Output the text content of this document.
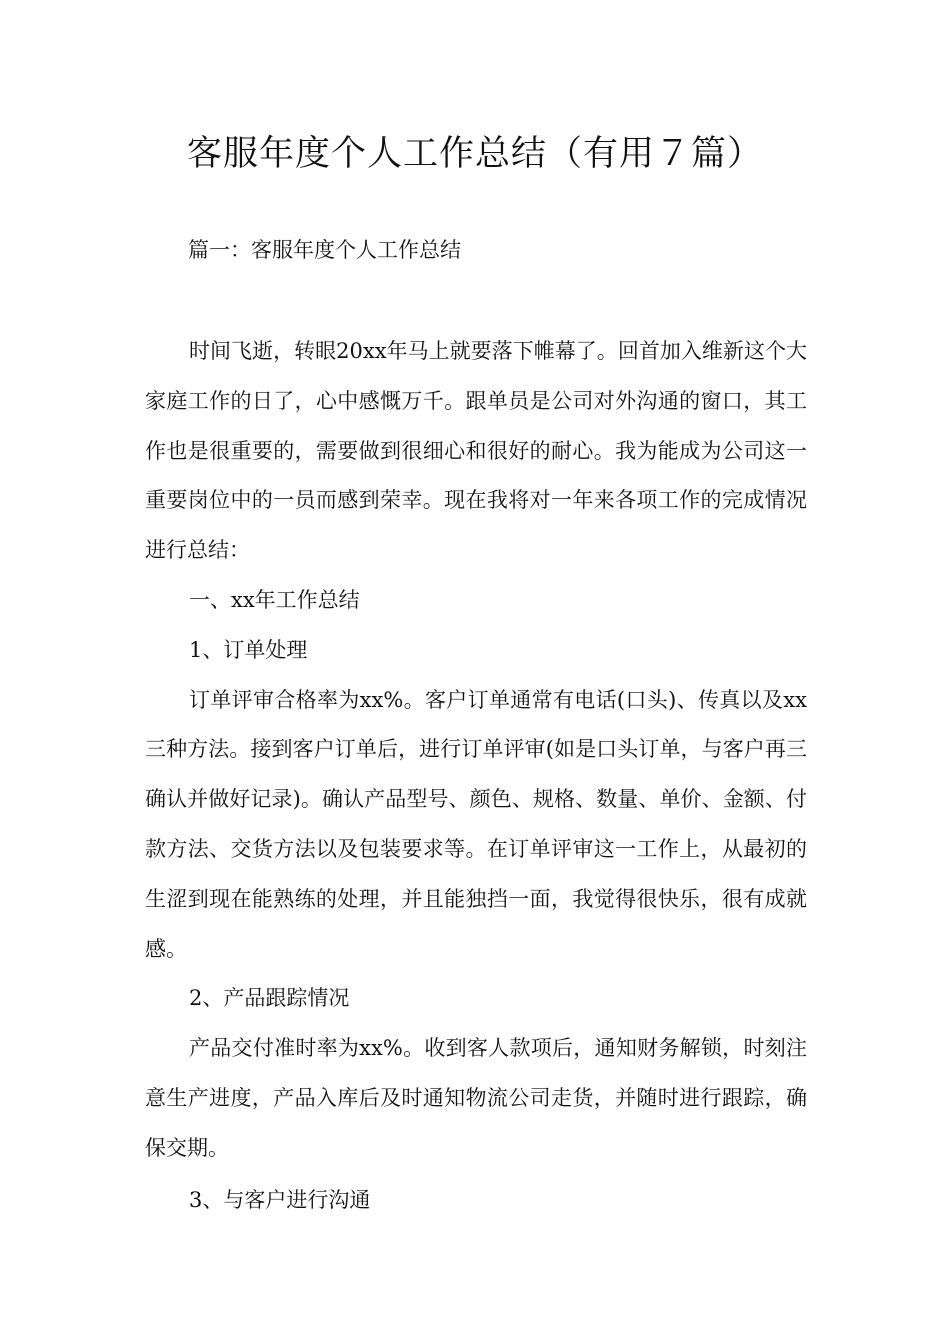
客服年度个人工作总结（有用７篇）
篇一：客服年度个人工作总结

时间飞逝，转眼20xx年马上就要落下帷幕了。回首加入维新这个大家庭工作的日了，心中感慨万千。跟单员是公司对外沟通的窗口，其工作也是很重要的，需要做到很细心和很好的耐心。我为能成为公司这一重要岗位中的一员而感到荣幸。现在我将对一年来各项工作的完成情况进行总结：

一、xx年工作总结

1、订单处理

订单评审合格率为xx%。客户订单通常有电话(口头)、传真以及xx三种方法。接到客户订单后，进行订单评审(如是口头订单，与客户再三确认并做好记录)。确认产品型号、颜色、规格、数量、单价、金额、付款方法、交货方法以及包装要求等。在订单评审这一工作上，从最初的生涩到现在能熟练的处理，并且能独挡一面，我觉得很快乐，很有成就感。

2、产品跟踪情况

产品交付准时率为xx%。收到客人款项后，通知财务解锁，时刻注意生产进度，产品入库后及时通知物流公司走货，并随时进行跟踪，确保交期。

3、与客户进行沟通
